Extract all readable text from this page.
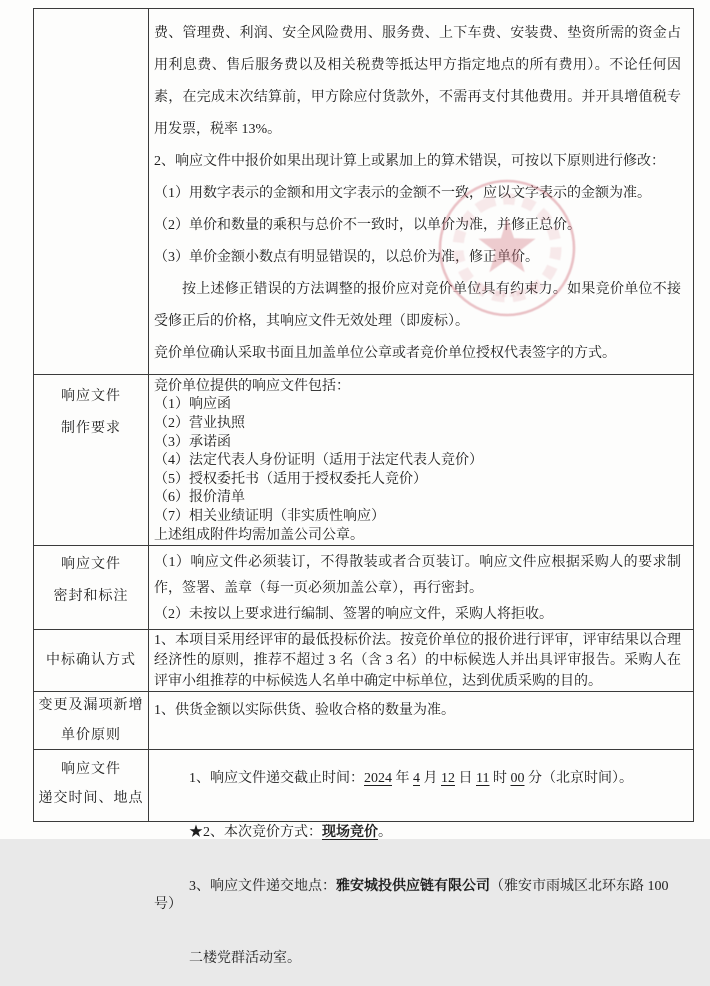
费、管理费、利润、安全风险费用、服务费、上下车费、安装费、垫资所需的资金占用利息费、售后服务费以及相关税费等抵达甲方指定地点的所有费用）。不论任何因素，在完成末次结算前，甲方除应付货款外，不需再支付其他费用。并开具增值税专用发票，税率 13%。

2、响应文件中报价如果出现计算上或累加上的算术错误，可按以下原则进行修改：

（1）用数字表示的金额和用文字表示的金额不一致，应以文字表示的金额为准。

（2）单价和数量的乘积与总价不一致时，以单价为准，并修正总价。

（3）单价金额小数点有明显错误的，以总价为准，修正单价。

按上述修正错误的方法调整的报价应对竞价单位具有约束力。如果竞价单位不接受修正后的价格，其响应文件无效处理（即废标）。

竞价单位确认采取书面且加盖单位公章或者竞价单位授权代表签字的方式。

响应文件
制作要求

竞价单位提供的响应文件包括：

（1）响应函

（2）营业执照

（3）承诺函

（4）法定代表人身份证明（适用于法定代表人竞价）

（5）授权委托书（适用于授权委托人竞价）

（6）报价清单

（7）相关业绩证明（非实质性响应）

上述组成附件均需加盖公司公章。

响应文件
密封和标注

（1）响应文件必须装订，不得散装或者合页装订。响应文件应根据采购人的要求制作，签署、盖章（每一页必须加盖公章），再行密封。

（2）未按以上要求进行编制、签署的响应文件，采购人将拒收。

中标确认方式

1、本项目采用经评审的最低投标价法。按竞价单位的报价进行评审，评审结果以合理经济性的原则，推荐不超过 3 名（含 3 名）的中标候选人并出具评审报告。采购人在评审小组推荐的中标候选人名单中确定中标单位，达到优质采购的目的。

变更及漏项新增
单价原则

1、供货金额以实际供货、验收合格的数量为准。

响应文件
递交时间、地点

1、响应文件递交截止时间：2024 年 4 月 12 日 11 时 00 分（北京时间）。

★2、本次竞价方式：现场竞价。

3、响应文件递交地点：雅安城投供应链有限公司（雅安市雨城区北环东路 100 号）

二楼党群活动室。
